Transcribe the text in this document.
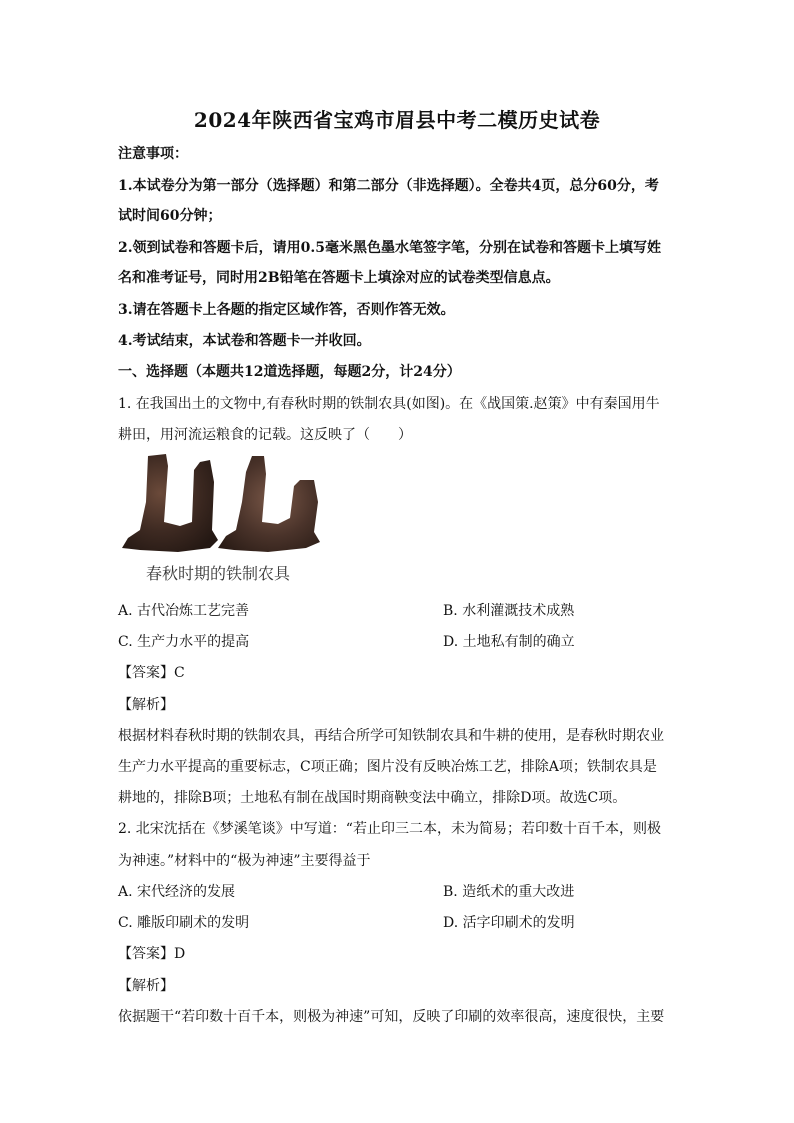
2024年陕西省宝鸡市眉县中考二模历史试卷
注意事项：
1.本试卷分为第一部分（选择题）和第二部分（非选择题）。全卷共4页，总分60分，考
试时间60分钟；
2.领到试卷和答题卡后，请用0.5毫米黑色墨水笔签字笔，分别在试卷和答题卡上填写姓
名和准考证号，同时用2B铅笔在答题卡上填涂对应的试卷类型信息点。
3.请在答题卡上各题的指定区域作答，否则作答无效。
4.考试结束，本试卷和答题卡一并收回。
一、选择题（本题共12道选择题，每题2分，计24分）
1. 在我国出土的文物中,有春秋时期的铁制农具(如图)。在《战国策.赵策》中有秦国用牛
耕田，用河流运粮食的记载。这反映了（　　）
春秋时期的铁制农具
A. 古代冶炼工艺完善	B. 水利灌溉技术成熟
C. 生产力水平的提高	D. 土地私有制的确立
【答案】C
【解析】
根据材料春秋时期的铁制农具，再结合所学可知铁制农具和牛耕的使用，是春秋时期农业
生产力水平提高的重要标志，C项正确；图片没有反映冶炼工艺，排除A项；铁制农具是
耕地的，排除B项；土地私有制在战国时期商鞅变法中确立，排除D项。故选C项。
2. 北宋沈括在《梦溪笔谈》中写道：“若止印三二本，未为简易；若印数十百千本，则极
为神速。”材料中的“极为神速”主要得益于
A. 宋代经济的发展	B. 造纸术的重大改进
C. 雕版印刷术的发明	D. 活字印刷术的发明
【答案】D
【解析】
依据题干“若印数十百千本，则极为神速”可知，反映了印刷的效率很高，速度很快，主要
